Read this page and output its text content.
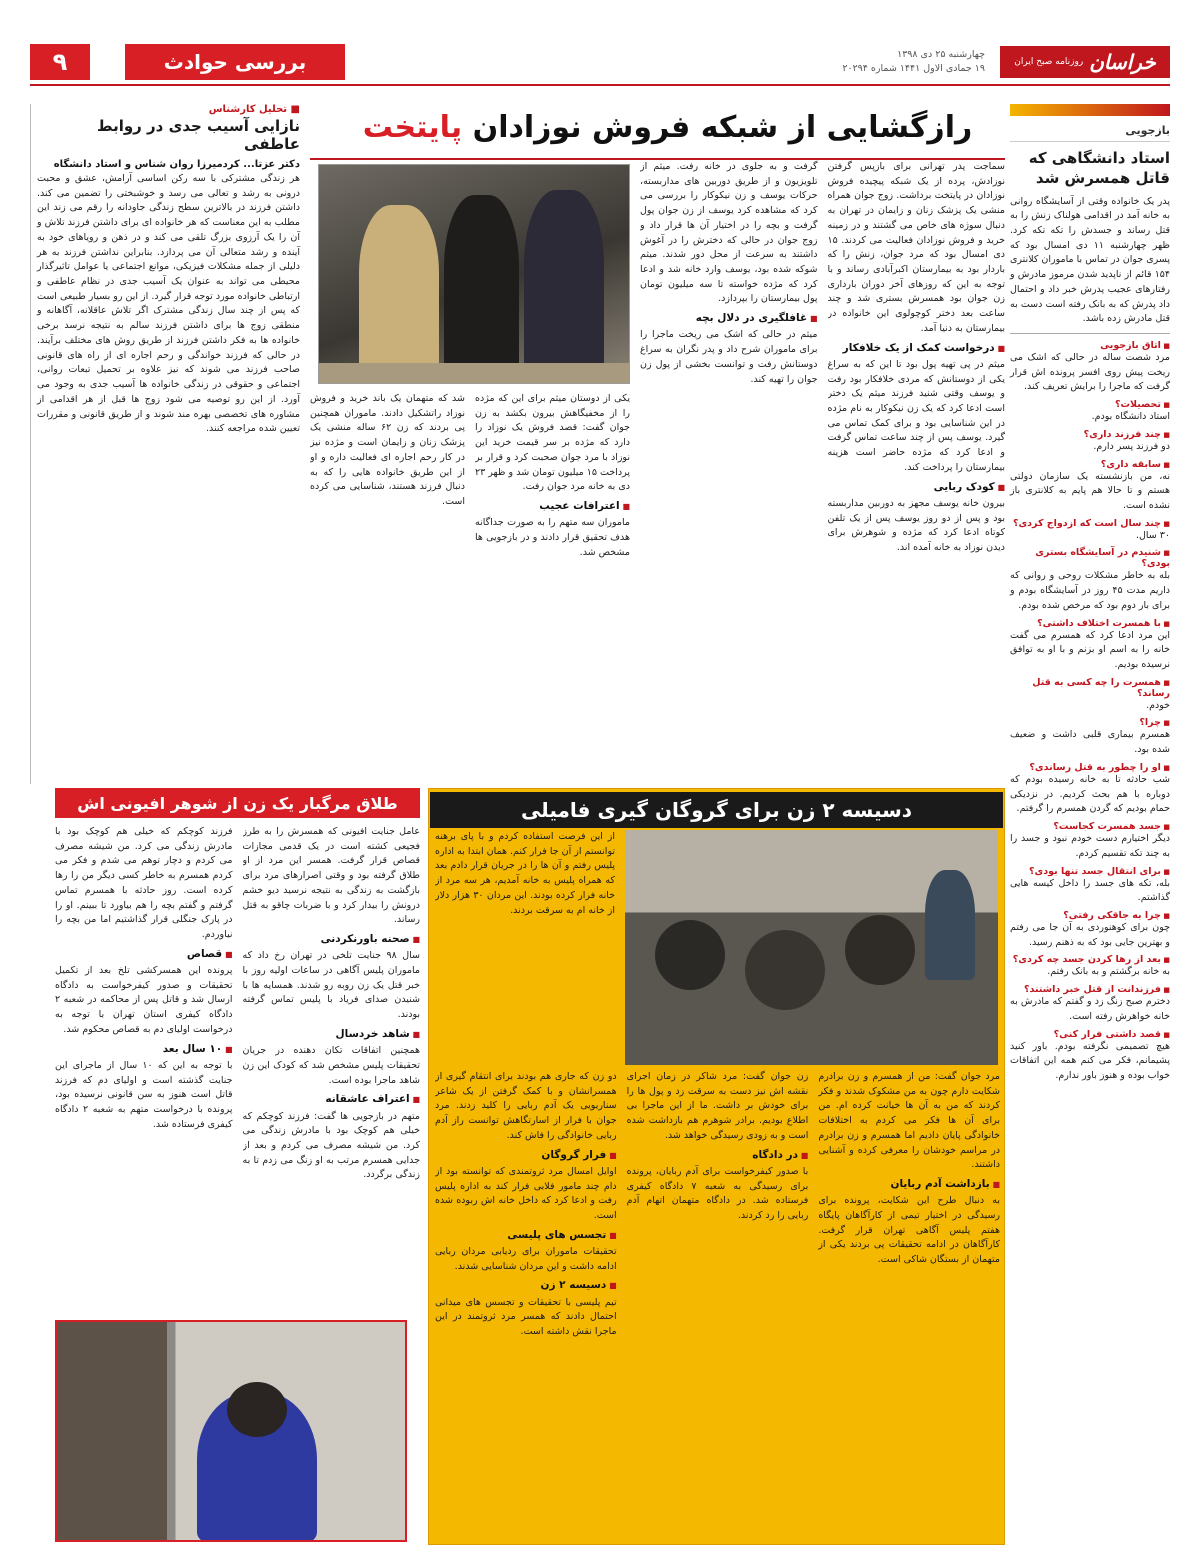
خراسان
روزنامه صبح ایران
چهارشنبه ۲۵ دی ۱۳۹۸
۱۹ جمادی الاول ۱۴۴۱ شماره ۲۰۲۹۴
بررسی حوادث
۹
بازجویی
استاد دانشگاهی که قاتل همسرش شد

پدر یک خانواده وقتی از آسایشگاه روانی به خانه آمد در اقدامی هولناک زنش را به قتل رساند و جسدش را تکه تکه کرد. ظهر چهارشنبه ۱۱ دی امسال بود که پسری جوان در تماس با ماموران کلانتری ۱۵۴ قائم از ناپدید شدن مرموز مادرش و رفتارهای عجیب پدرش خبر داد و احتمال داد پدرش که به بانک رفته است دست به قتل مادرش زده باشد.

■ اتاق بازجویی
مرد شصت ساله در حالی که اشک می ریخت پیش روی افسر پرونده اش قرار گرفت که ماجرا را برایش تعریف کند.
■ تحصیلات؟
استاد دانشگاه بودم.
■ چند فرزند داری؟
دو فرزند پسر دارم.
■ سابقه داری؟
نه، من بازنشسته یک سازمان دولتی هستم و تا حالا هم پایم به کلانتری باز نشده است.
■ چند سال است که ازدواج کردی؟
۳۰ سال.
■ شنیدم در آسایشگاه بستری بودی؟
بله به خاطر مشکلات روحی و روانی که داریم مدت ۴۵ روز در آسایشگاه بودم و برای بار دوم بود که مرخص شده بودم.
■ با همسرت اختلاف داشتی؟
این مرد ادعا کرد که همسرم می گفت خانه را به اسم او بزنم و با او به توافق نرسیده بودیم.
■ همسرت را چه کسی به قتل رساند؟
خودم.
■ چرا؟
همسرم بیماری قلبی داشت و ضعیف شده بود.
■ او را چطور به قتل رساندی؟
شب حادثه تا به خانه رسیده بودم که دوباره با هم بحث کردیم. در نزدیکی حمام بودیم که گردن همسرم را گرفتم.
■ جسد همسرت کجاست؟
دیگر اختیارم دست خودم نبود و جسد را به چند تکه تقسیم کردم.
■ برای انتقال جسد تنها بودی؟
بله، تکه های جسد را داخل کیسه هایی گذاشتم.
■ چرا به جاقکی رفتی؟
چون برای کوهنوردی به آن جا می رفتم و بهترین جایی بود که به ذهنم رسید.
■ بعد از رها کردن جسد چه کردی؟
به خانه برگشتم و به بانک رفتم.
■ فرزندانت از قتل خبر داشتند؟
دخترم صبح زنگ زد و گفتم که مادرش به خانه خواهرش رفته است.
■ قصد داشتی فرار کنی؟
هیچ تصمیمی نگرفته بودم. باور کنید پشیمانم، فکر می کنم همه این اتفاقات خواب بوده و هنوز باور ندارم.
رازگشایی از شبکه فروش نوزادان پایتخت

سماجت پدر تهرانی برای بازپس گرفتن نوزادش، پرده از یک شبکه پیچیده فروش نوزادان در پایتخت برداشت. زوج جوان همراه منشی یک پزشک زنان و زایمان در تهران به دنبال سوژه های خاص می گشتند و در زمینه خرید و فروش نوزادان فعالیت می کردند. ۱۵ دی امسال بود که مرد جوان، زنش را که باردار بود به بیمارستان اکبرآبادی رساند و با توجه به این که روزهای آخر دوران بارداری زن جوان بود همسرش بستری شد و چند ساعت بعد دختر کوچولوی این خانواده در بیمارستان به دنیا آمد.

■ درخواست کمک از یک خلافکار

میثم در پی تهیه پول بود تا این که به سراغ یکی از دوستانش که مردی خلافکار بود رفت و یوسف وقتی شنید فرزند میثم یک دختر است ادعا کرد که یک زن نیکوکار به نام مژده در این شناسایی بود و برای کمک تماس می گیرد. یوسف پس از چند ساعت تماس گرفت و ادعا کرد که مژده حاضر است هزینه بیمارستان را پرداخت کند.

■ کودک ربایی

بیرون خانه یوسف مجهز به دوربین مداربسته بود و پس از دو روز یوسف پس از یک تلفن کوتاه ادعا کرد که مژده و شوهرش برای دیدن نوزاد به خانه آمده اند.

گرفت و به جلوی در خانه رفت. میثم از تلویزیون و از طریق دوربین های مداربسته، حرکات یوسف و زن نیکوکار را بررسی می کرد که مشاهده کرد یوسف از زن جوان پول گرفت و بچه را در اختیار آن ها قرار داد و زوج جوان در حالی که دخترش را در آغوش داشتند به سرعت از محل دور شدند. میثم شوکه شده بود، یوسف وارد خانه شد و ادعا کرد که مژده خواسته تا سه میلیون تومان پول بیمارستان را بپردازد.

■ غافلگیری در دلال بچه

میثم در حالی که اشک می ریخت ماجرا را برای ماموران شرح داد و پدر نگران به سراغ دوستانش رفت و توانست بخشی از پول زن جوان را تهیه کند.

یکی از دوستان میثم برای این که مژده را از مخفیگاهش بیرون بکشد به زن جوان گفت: قصد فروش یک نوزاد را دارد که مژده بر سر قیمت خرید این نوزاد با مرد جوان صحبت کرد و قرار بر پرداخت ۱۵ میلیون تومان شد و ظهر ۲۳ دی به خانه مرد جوان رفت.

■ اعترافات عجیب

ماموران سه متهم را به صورت جداگانه هدف تحقیق قرار دادند و در بازجویی ها مشخص شد.

شد که متهمان یک باند خرید و فروش نوزاد راتشکیل دادند. ماموران همچنین پی بردند که زن ۶۲ ساله منشی یک پزشک زنان و زایمان است و مژده نیز در کار رحم اجاره ای فعالیت داره و او از این طریق خانواده هایی را که به دنبال فرزند هستند، شناسایی می کرده است.

■ تحلیل کارشناس
نازایی آسیب جدی در روابط عاطفی
دکتر عزتا... کردمیرزا روان شناس و استاد دانشگاه

هر زندگی مشترکی با سه رکن اساسی آرامش، عشق و محبت درونی به رشد و تعالی می رسد و خوشبختی را تضمین می کند. داشتن فرزند در بالاترین سطح زندگی جاودانه را رقم می زند این مطلب به این معناست که هر خانواده ای برای داشتن فرزند تلاش و آن را یک آرزوی بزرگ تلقی می کند و در ذهن و رویاهای خود به آینده و رشد متعالی آن می پردازد. بنابراین نداشتن فرزند به هر دلیلی از جمله مشکلات فیزیکی، موانع اجتماعی یا عوامل تاثیرگذار محیطی می تواند به عنوان یک آسیب جدی در نظام عاطفی و ارتباطی خانواده مورد توجه قرار گیرد. از این رو بسیار طبیعی است که پس از چند سال زندگی مشترک اگر تلاش عاقلانه، آگاهانه و منطقی زوج ها برای داشتن فرزند سالم به نتیجه نرسد برخی خانواده ها به فکر داشتن فرزند از طریق روش های مختلف برآیند. در حالی که فرزند خواندگی و رحم اجاره ای از راه های قانونی صاحب فرزند می شوند که نیز علاوه بر تحمیل تبعات روانی، اجتماعی و حقوقی در زندگی خانواده ها آسیب جدی به وجود می آورد. از این رو توصیه می شود زوج ها قبل از هر اقدامی از مشاوره های تخصصی بهره مند شوند و از طریق قانونی و مقررات تعیین شده مراجعه کنند.

طلاق مرگبار یک زن از شوهر افیونی اش

عامل جنایت افیونی که همسرش را به طرز فجیعی کشته است در یک قدمی مجازات قصاص قرار گرفت. همسر این مرد از او طلاق گرفته بود و وقتی اصرارهای مرد برای بازگشت به زندگی به نتیجه نرسید دیو خشم درونش را بیدار کرد و با ضربات چاقو به قتل رساند.

■ صحنه باورنکردنی

سال ۹۸ جنایت تلخی در تهران رخ داد که ماموران پلیس آگاهی در ساعات اولیه روز با خبر قتل یک زن روبه رو شدند. همسایه ها با شنیدن صدای فریاد با پلیس تماس گرفته بودند.

■ شاهد خردسال

همچنین اتفاقات تکان دهنده در جریان تحقیقات پلیس مشخص شد که کودک این زن شاهد ماجرا بوده است.

■ اعتراف عاشقانه

متهم در بازجویی ها گفت: فرزند کوچکم که خیلی هم کوچک بود با مادرش زندگی می کرد. من شیشه مصرف می کردم و بعد از جدایی همسرم مرتب به او زنگ می زدم تا به زندگی برگردد.

فرزند کوچکم که خیلی هم کوچک بود با مادرش زندگی می کرد. من شیشه مصرف می کردم و دچار توهم می شدم و فکر می کردم همسرم به خاطر کسی دیگر من را رها کرده است. روز حادثه با همسرم تماس گرفتم و گفتم بچه را هم بیاورد تا ببینم. او را در پارک جنگلی قرار گذاشتیم اما من بچه را نیاوردم.

■ قصاص

پرونده این همسرکشی تلخ بعد از تکمیل تحقیقات و صدور کیفرخواست به دادگاه ارسال شد و قاتل پس از محاکمه در شعبه ۲ دادگاه کیفری استان تهران با توجه به درخواست اولیای دم به قصاص محکوم شد.

■ ۱۰ سال بعد

با توجه به این که ۱۰ سال از ماجرای این جنایت گذشته است و اولیای دم که فرزند قاتل است هنوز به سن قانونی نرسیده بود، پرونده با درخواست متهم به شعبه ۲ دادگاه کیفری فرستاده شد.

دسیسه ۲ زن برای گروگان گیری فامیلی
از این فرصت استفاده کردم و با پای برهنه توانستم از آن جا فرار کنم. همان ابتدا به اداره پلیس رفتم و آن ها را در جریان قرار دادم بعد که همراه پلیس به خانه آمدیم، هر سه مرد از خانه فرار کرده بودند. این مردان ۳۰ هزار دلار از خانه ام به سرقت بردند.

مرد جوان گفت: من از همسرم و زن برادرم شکایت دارم چون به من مشکوک شدند و فکر کردند که من به آن ها خیانت کرده ام. من برای آن ها فکر می کردم به اختلافات خانوادگی پایان دادیم اما همسرم و زن برادرم در مراسم خودشان را معرفی کرده و آشنایی داشتند.

■ بازداشت آدم ربایان

به دنبال طرح این شکایت، پرونده برای رسیدگی در اختیار تیمی از کارآگاهان پایگاه هفتم پلیس آگاهی تهران قرار گرفت. کارآگاهان در ادامه تحقیقات پی بردند یکی از متهمان از بستگان شاکی است.

زن جوان گفت: مرد شاکر در زمان اجرای نقشه اش نیز دست به سرقت زد و پول ها را برای خودش بر داشت. ما از این ماجرا بی اطلاع بودیم. برادر شوهرم هم بازداشت شده است و به زودی رسیدگی خواهد شد.

■ در دادگاه

با صدور کیفرخواست برای آدم ربایان، پرونده برای رسیدگی به شعبه ۷ دادگاه کیفری فرستاده شد. در دادگاه متهمان اتهام آدم ربایی را رد کردند.

دو زن که جاری هم بودند برای انتقام گیری از همسرانشان و با کمک گرفتن از یک شاعر سناریویی یک آدم ربایی را کلید زدند. مرد جوان با فرار از اسارتگاهش توانست راز آدم ربایی خانوادگی را فاش کند.

■ فرار گروگان

اوایل امسال مرد ثروتمندی که توانسته بود از دام چند مامور فلابی فرار کند به اداره پلیس رفت و ادعا کرد که داخل خانه اش ربوده شده است.

■ تجسس های پلیسی

تحقیقات ماموران برای ردیابی مردان ربایی ادامه داشت و این مردان شناسایی شدند.

■ دسیسه ۲ زن

تیم پلیسی با تحقیقات و تجسس های میدانی احتمال دادند که همسر مرد ثروتمند در این ماجرا نقش داشته است.
